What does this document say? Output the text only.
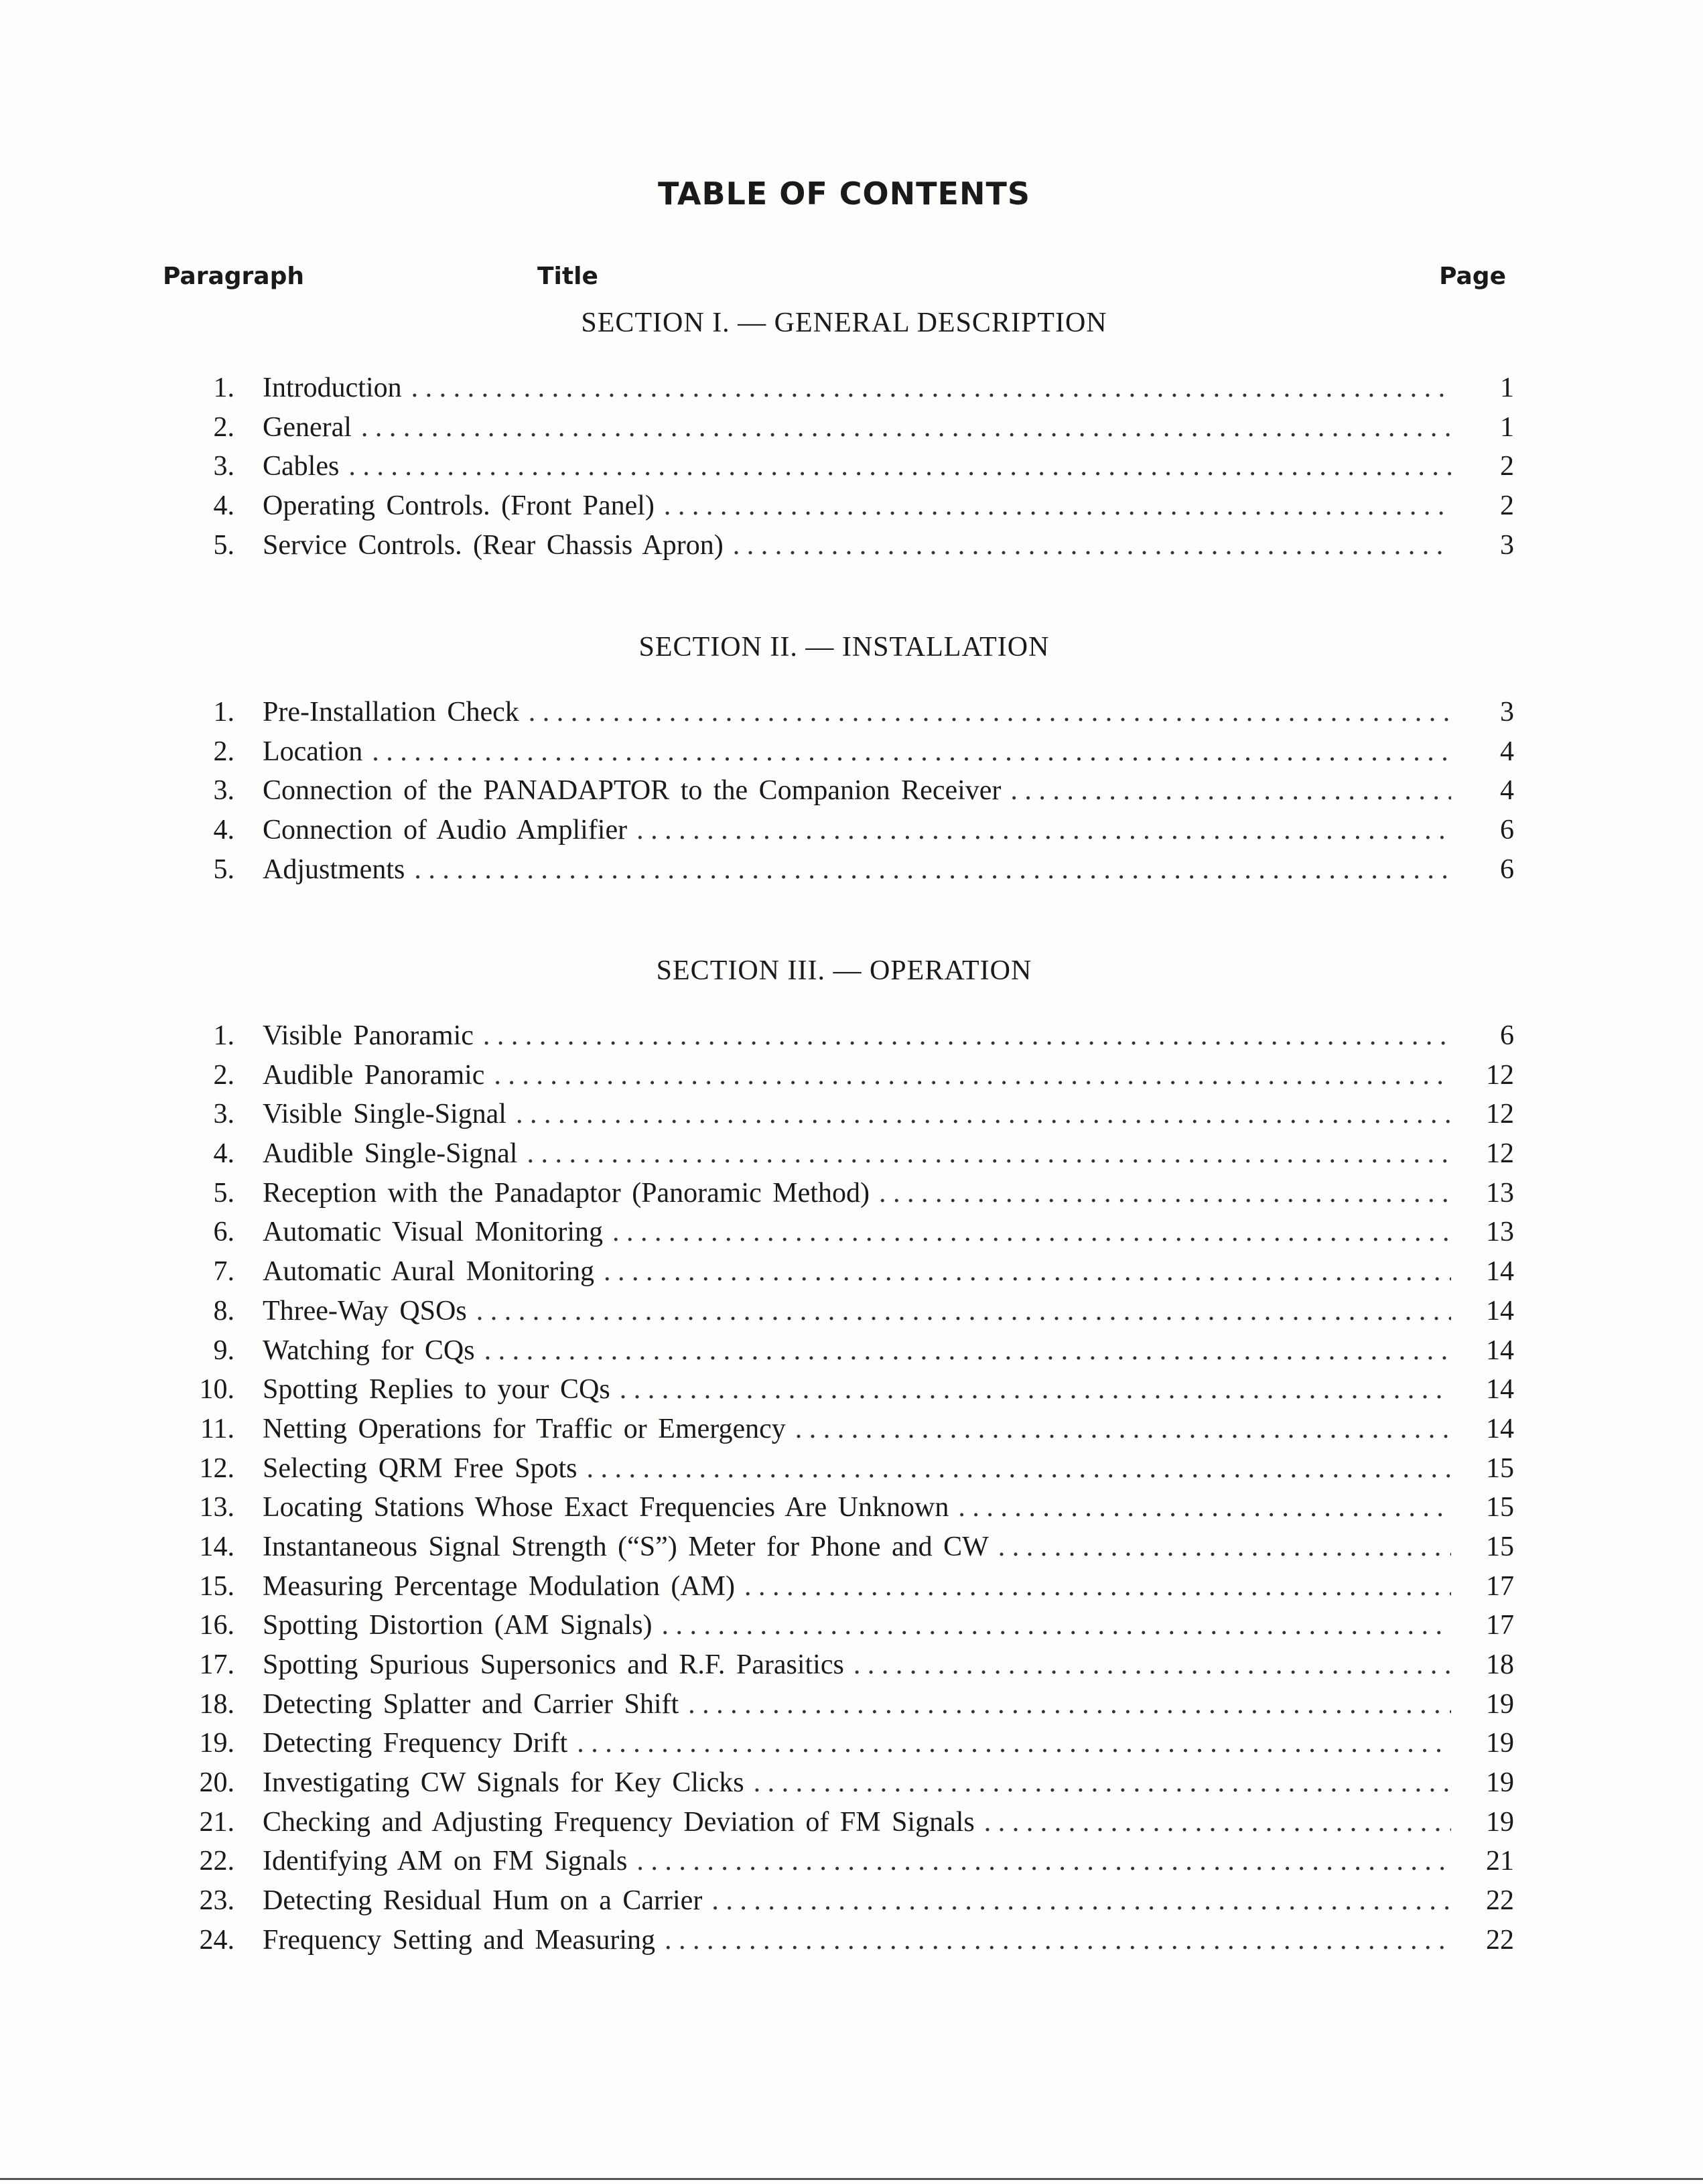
TABLE OF CONTENTS
Paragraph	Title	Page
SECTION I. — GENERAL DESCRIPTION
1. Introduction . . .	1
2. General . . .	1
3. Cables . . .	2
4. Operating Controls. (Front Panel) . . .	2
5. Service Controls. (Rear Chassis Apron) . . .	3
SECTION II. — INSTALLATION
1. Pre-Installation Check . . .	3
2. Location . . .	4
3. Connection of the PANADAPTOR to the Companion Receiver . . .	4
4. Connection of Audio Amplifier . . .	6
5. Adjustments . . .	6
SECTION III. — OPERATION
1. Visible Panoramic . . .	6
2. Audible Panoramic . . .	12
3. Visible Single-Signal . . .	12
4. Audible Single-Signal . . .	12
5. Reception with the Panadaptor (Panoramic Method) . . .	13
6. Automatic Visual Monitoring . . .	13
7. Automatic Aural Monitoring . . .	14
8. Three-Way QSOs . . .	14
9. Watching for CQs . . .	14
10. Spotting Replies to your CQs . . .	14
11. Netting Operations for Traffic or Emergency . . .	14
12. Selecting QRM Free Spots . . .	15
13. Locating Stations Whose Exact Frequencies Are Unknown . . .	15
14. Instantaneous Signal Strength (“S”) Meter for Phone and CW . . .	15
15. Measuring Percentage Modulation (AM) . . .	17
16. Spotting Distortion (AM Signals) . . .	17
17. Spotting Spurious Supersonics and R.F. Parasitics . . .	18
18. Detecting Splatter and Carrier Shift . . .	19
19. Detecting Frequency Drift . . .	19
20. Investigating CW Signals for Key Clicks . . .	19
21. Checking and Adjusting Frequency Deviation of FM Signals . . .	19
22. Identifying AM on FM Signals . . .	21
23. Detecting Residual Hum on a Carrier . . .	22
24. Frequency Setting and Measuring . . .	22
